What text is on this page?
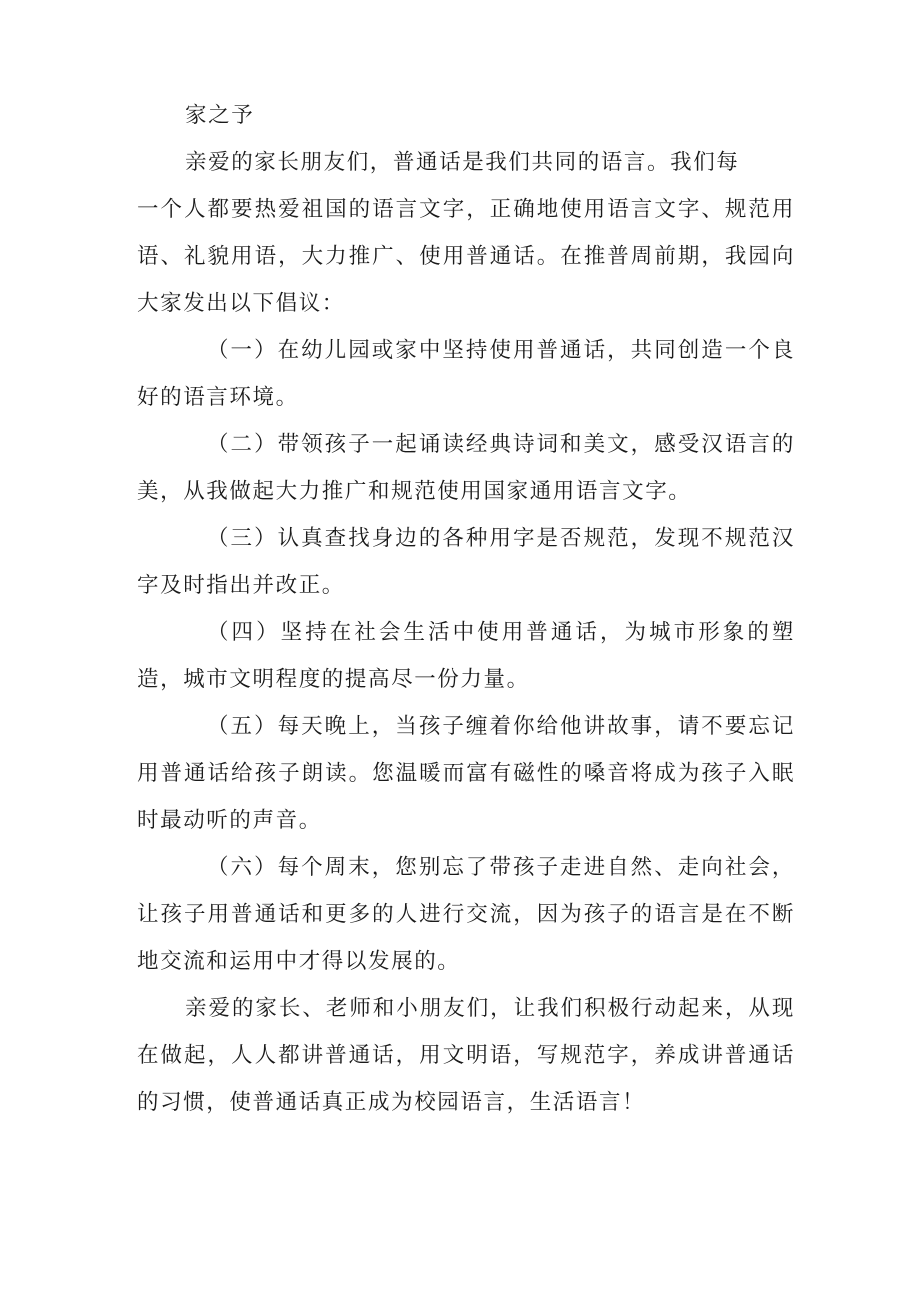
家之予

亲爱的家长朋友们，普通话是我们共同的语言。我们每
一个人都要热爱祖国的语言文字，正确地使用语言文字、规范用语、礼貌用语，大力推广、使用普通话。在推普周前期，我园向大家发出以下倡议：

（一）在幼儿园或家中坚持使用普通话，共同创造一个良好的语言环境。

（二）带领孩子一起诵读经典诗词和美文，感受汉语言的美，从我做起大力推广和规范使用国家通用语言文字。

（三）认真查找身边的各种用字是否规范，发现不规范汉字及时指出并改正。

（四）坚持在社会生活中使用普通话，为城市形象的塑造，城市文明程度的提高尽一份力量。

（五）每天晚上，当孩子缠着你给他讲故事，请不要忘记用普通话给孩子朗读。您温暖而富有磁性的嗓音将成为孩子入眠时最动听的声音。

（六）每个周末，您别忘了带孩子走进自然、走向社会，让孩子用普通话和更多的人进行交流，因为孩子的语言是在不断地交流和运用中才得以发展的。

亲爱的家长、老师和小朋友们，让我们积极行动起来，从现在做起，人人都讲普通话，用文明语，写规范字，养成讲普通话的习惯，使普通话真正成为校园语言，生活语言！
